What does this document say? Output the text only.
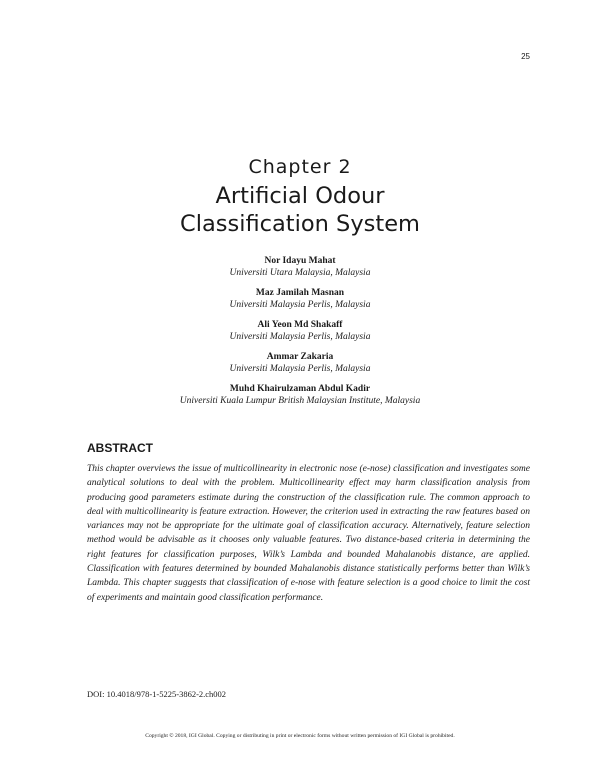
25
Chapter 2
Artificial Odour
Classification System
Nor Idayu Mahat
Universiti Utara Malaysia, Malaysia
Maz Jamilah Masnan
Universiti Malaysia Perlis, Malaysia
Ali Yeon Md Shakaff
Universiti Malaysia Perlis, Malaysia
Ammar Zakaria
Universiti Malaysia Perlis, Malaysia
Muhd Khairulzaman Abdul Kadir
Universiti Kuala Lumpur British Malaysian Institute, Malaysia
ABSTRACT

This chapter overviews the issue of multicollinearity in electronic nose (e-nose) classification and investigates some analytical solutions to deal with the problem. Multicollinearity effect may harm classification analysis from producing good parameters estimate during the construction of the classification rule. The common approach to deal with multicollinearity is feature extraction. However, the criterion used in extracting the raw features based on variances may not be appropriate for the ultimate goal of classification accuracy. Alternatively, feature selection method would be advisable as it chooses only valuable features. Two distance-based criteria in determining the right features for classification purposes, Wilk’s Lambda and bounded Mahalanobis distance, are applied. Classification with features determined by bounded Mahalanobis distance statistically performs better than Wilk’s Lambda. This chapter suggests that classification of e-nose with feature selection is a good choice to limit the cost of experiments and maintain good classification performance.

DOI: 10.4018/978-1-5225-3862-2.ch002
Copyright © 2018, IGI Global. Copying or distributing in print or electronic forms without written permission of IGI Global is prohibited.
